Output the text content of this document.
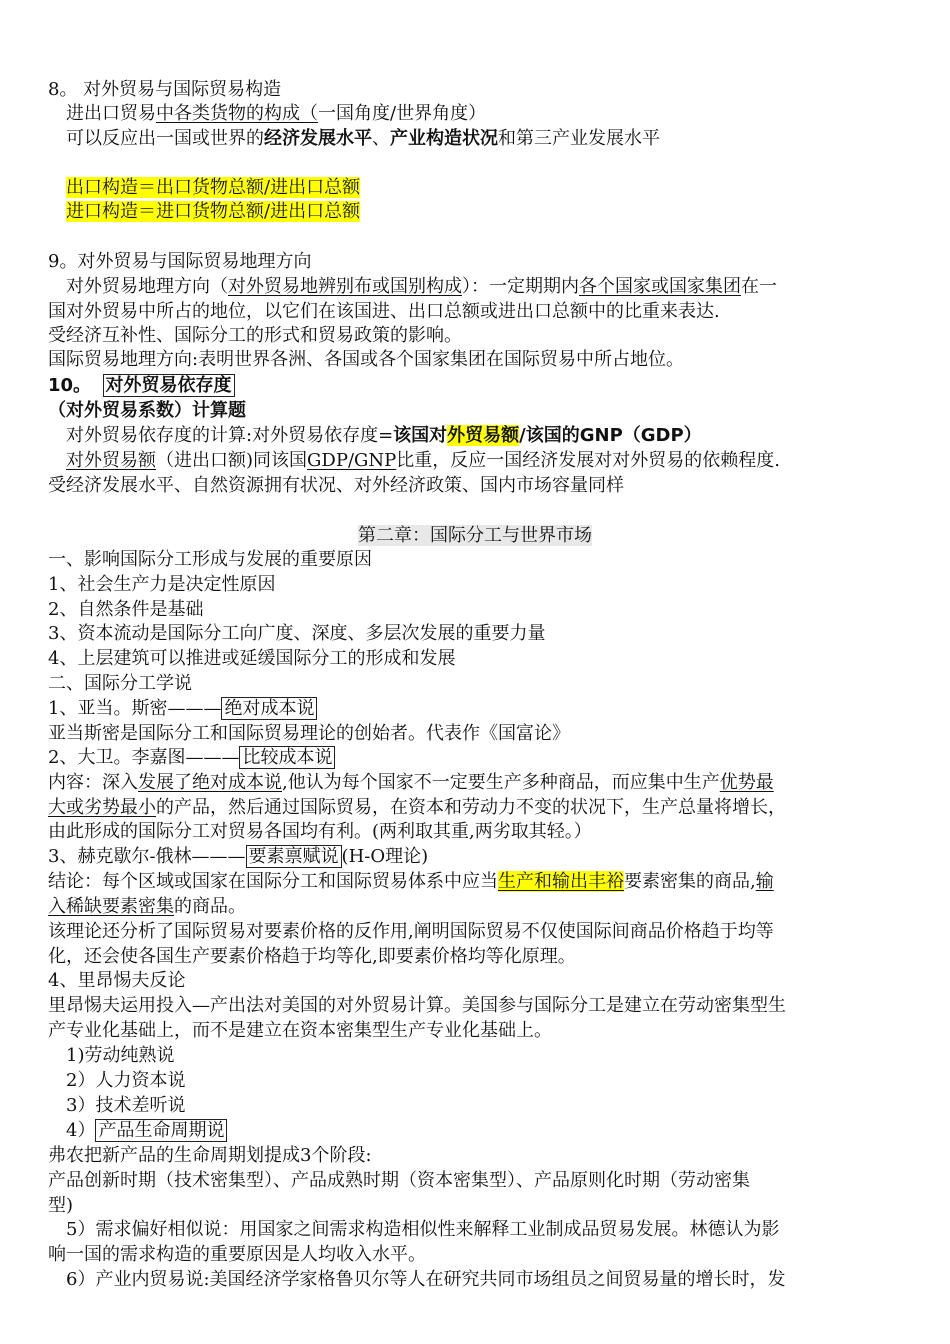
8。 对外贸易与国际贸易构造
进出口贸易中各类货物的构成（一国角度/世界角度）
可以反应出一国或世界的经济发展水平、产业构造状况和第三产业发展水平
出口构造＝出口货物总额/进出口总额
进口构造＝进口货物总额/进出口总额
9。对外贸易与国际贸易地理方向
对外贸易地理方向（对外贸易地辨别布或国别构成）：一定期期内各个国家或国家集团在一
国对外贸易中所占的地位，以它们在该国进、出口总额或进出口总额中的比重来表达.
受经济互补性、国际分工的形式和贸易政策的影响。
国际贸易地理方向:表明世界各洲、各国或各个国家集团在国际贸易中所占地位。
10。 对外贸易依存度
（对外贸易系数）计算题
对外贸易依存度的计算:对外贸易依存度=该国对外贸易额/该国的GNP（GDP）
对外贸易额（进出口额)同该国GDP/GNP比重，反应一国经济发展对对外贸易的依赖程度.
受经济发展水平、自然资源拥有状况、对外经济政策、国内市场容量同样
第二章：国际分工与世界市场
一、影响国际分工形成与发展的重要原因
1、社会生产力是决定性原因
2、自然条件是基础
3、资本流动是国际分工向广度、深度、多层次发展的重要力量
4、上层建筑可以推进或延缓国际分工的形成和发展
二、国际分工学说
1、亚当。斯密——— 绝对成本说
亚当斯密是国际分工和国际贸易理论的创始者。代表作《国富论》
2、大卫。李嘉图——— 比较成本说
内容：深入发展了绝对成本说,他认为每个国家不一定要生产多种商品，而应集中生产优势最
大或劣势最小的产品，然后通过国际贸易，在资本和劳动力不变的状况下，生产总量将增长，
由此形成的国际分工对贸易各国均有利。(两利取其重,两劣取其轻。）
3、赫克歇尔-俄林——— 要素禀赋说 (H-O理论)
结论：每个区域或国家在国际分工和国际贸易体系中应当生产和输出丰裕要素密集的商品,输
入稀缺要素密集的商品。
该理论还分析了国际贸易对要素价格的反作用,阐明国际贸易不仅使国际间商品价格趋于均等
化，还会使各国生产要素价格趋于均等化,即要素价格均等化原理。
4、里昂惕夫反论
里昂惕夫运用投入—产出法对美国的对外贸易计算。美国参与国际分工是建立在劳动密集型生
产专业化基础上，而不是建立在资本密集型生产专业化基础上。
1)劳动纯熟说
2）人力资本说
3）技术差听说
4） 产品生命周期说
弗农把新产品的生命周期划提成3个阶段:
产品创新时期（技术密集型）、产品成熟时期（资本密集型）、产品原则化时期（劳动密集
型)
5）需求偏好相似说：用国家之间需求构造相似性来解释工业制成品贸易发展。林德认为影
响一国的需求构造的重要原因是人均收入水平。
6）产业内贸易说:美国经济学家格鲁贝尔等人在研究共同市场组员之间贸易量的增长时，发
